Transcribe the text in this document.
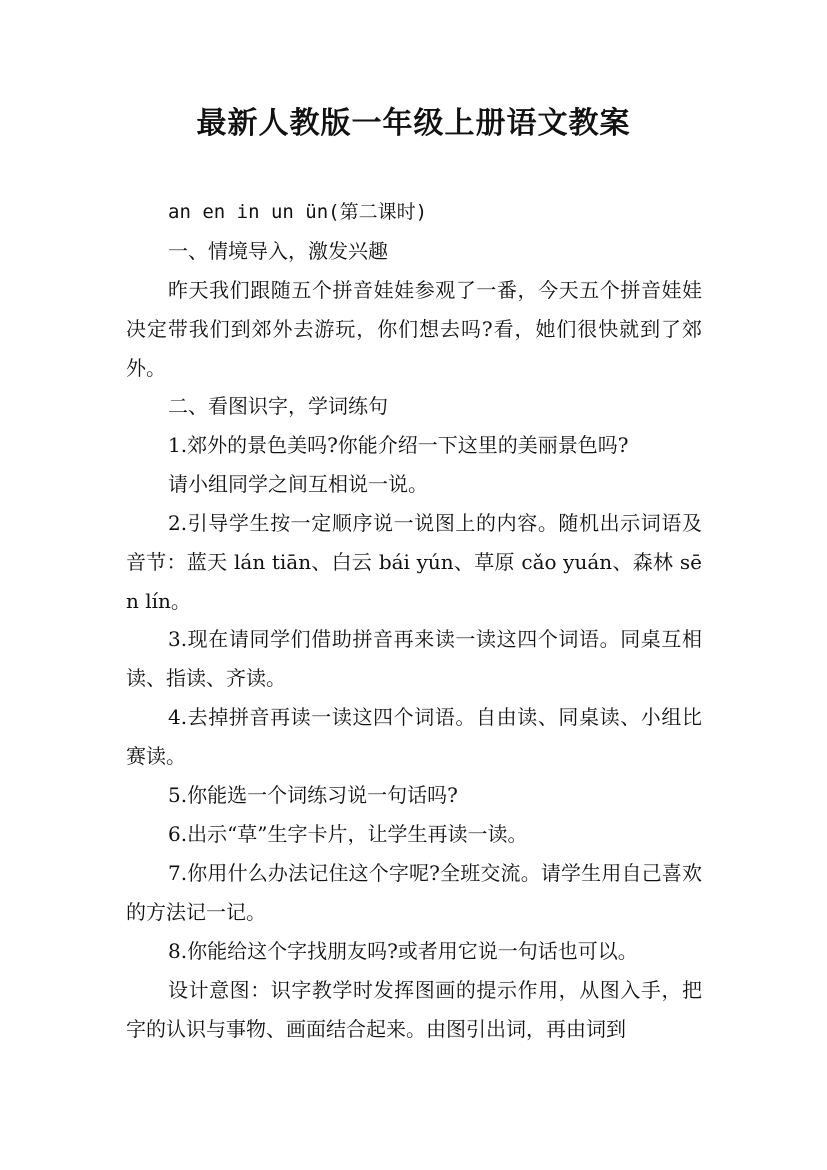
最新人教版一年级上册语文教案

an en in un ün(第二课时)

一、情境导入，激发兴趣

昨天我们跟随五个拼音娃娃参观了一番，今天五个拼音娃娃决定带我们到郊外去游玩，你们想去吗?看，她们很快就到了郊外。

二、看图识字，学词练句

1.郊外的景色美吗?你能介绍一下这里的美丽景色吗?

请小组同学之间互相说一说。

2.引导学生按一定顺序说一说图上的内容。随机出示词语及音节：蓝天 lán tiān、白云 bái yún、草原 cǎo yuán、森林 sēn lín。

3.现在请同学们借助拼音再来读一读这四个词语。同桌互相读、指读、齐读。

4.去掉拼音再读一读这四个词语。自由读、同桌读、小组比赛读。

5.你能选一个词练习说一句话吗?

6.出示“草”生字卡片，让学生再读一读。

7.你用什么办法记住这个字呢?全班交流。请学生用自己喜欢的方法记一记。

8.你能给这个字找朋友吗?或者用它说一句话也可以。

设计意图：识字教学时发挥图画的提示作用，从图入手，把字的认识与事物、画面结合起来。由图引出词，再由词到
